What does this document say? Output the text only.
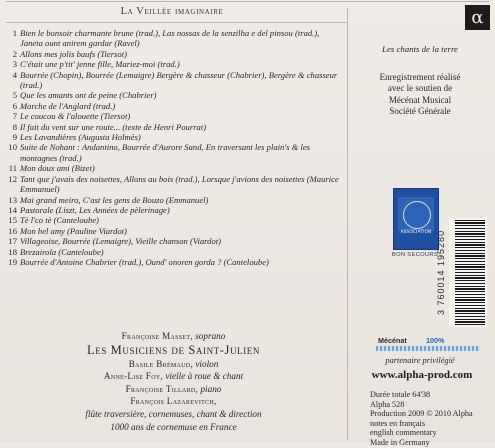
La Veillée imaginaire
1 Bien le bonsoir charmante brune (trad.), Las nossas de la senzilha e del pinsou (trad.), Janeta ount anirem gardar (Ravel)
2 Allons mes jolis baufs (Tiersot)
3 C'était une p'tit' jenne fille, Mariez-moi (trad.)
4 Bourrée (Chopin), Bourrée (Lemaigre) Bergère & chasseur (Chabrier), Bergère & chasseur (trad.)
5 Que les amants ont de peine (Chabrier)
6 Marche de l'Anglard (trad.)
7 Le coucou & l'alouette (Tiersot)
8 Il fait du vent sur une route... (texte de Henri Pourrat)
9 Les Lavandières (Augusta Holmès)
10 Suite de Nohant : Andantino, Bourrée d'Aurore Sand, En traversant les plain's & les montagnes (trad.)
11 Mon doux ami (Bizet)
12 Tant que j'avais des noisettes, Allons au bois (trad.), Lorsque j'avions des noisettes (Maurice Emmanuel)
13 Mai grand meiro, C'ast les gens de Bouzo (Emmanuel)
14 Pastorale (Liszt, Les Années de pèlerinage)
15 Tè l'co tè (Canteloube)
16 Mon bel amy (Pauline Viardot)
17 Villageoise, Bourrée (Lemaigre), Vieille chanson (Viardot)
18 Brezairola (Canteloube)
19 Bourrée d'Antoine Chabrier (trad.), Ound' onoren gorda ? (Canteloube)
Françoise Masset, soprano
Les Musiciens de Saint-Julien
Basile Brémaud, violon
Anne-Lise Foy, vielle à roue & chant
Françoise Tillard, piano
François Lazarevitch,
flûte traversière, cornemuses, chant & direction
1000 ans de cornemuse en France
α
Les chants de la terre
Enregistrement réalisé
avec le soutien de
Mécénat Musical
Société Générale
ASSOCIATION
BON SECOURS
3 760014 195280
Mécénat	100%
partenaire privilégié
www.alpha-prod.com
Durée totale 64'38
Alpha 528
Production 2009 © 2010 Alpha
notes en français
english commentary
Made in Germany
